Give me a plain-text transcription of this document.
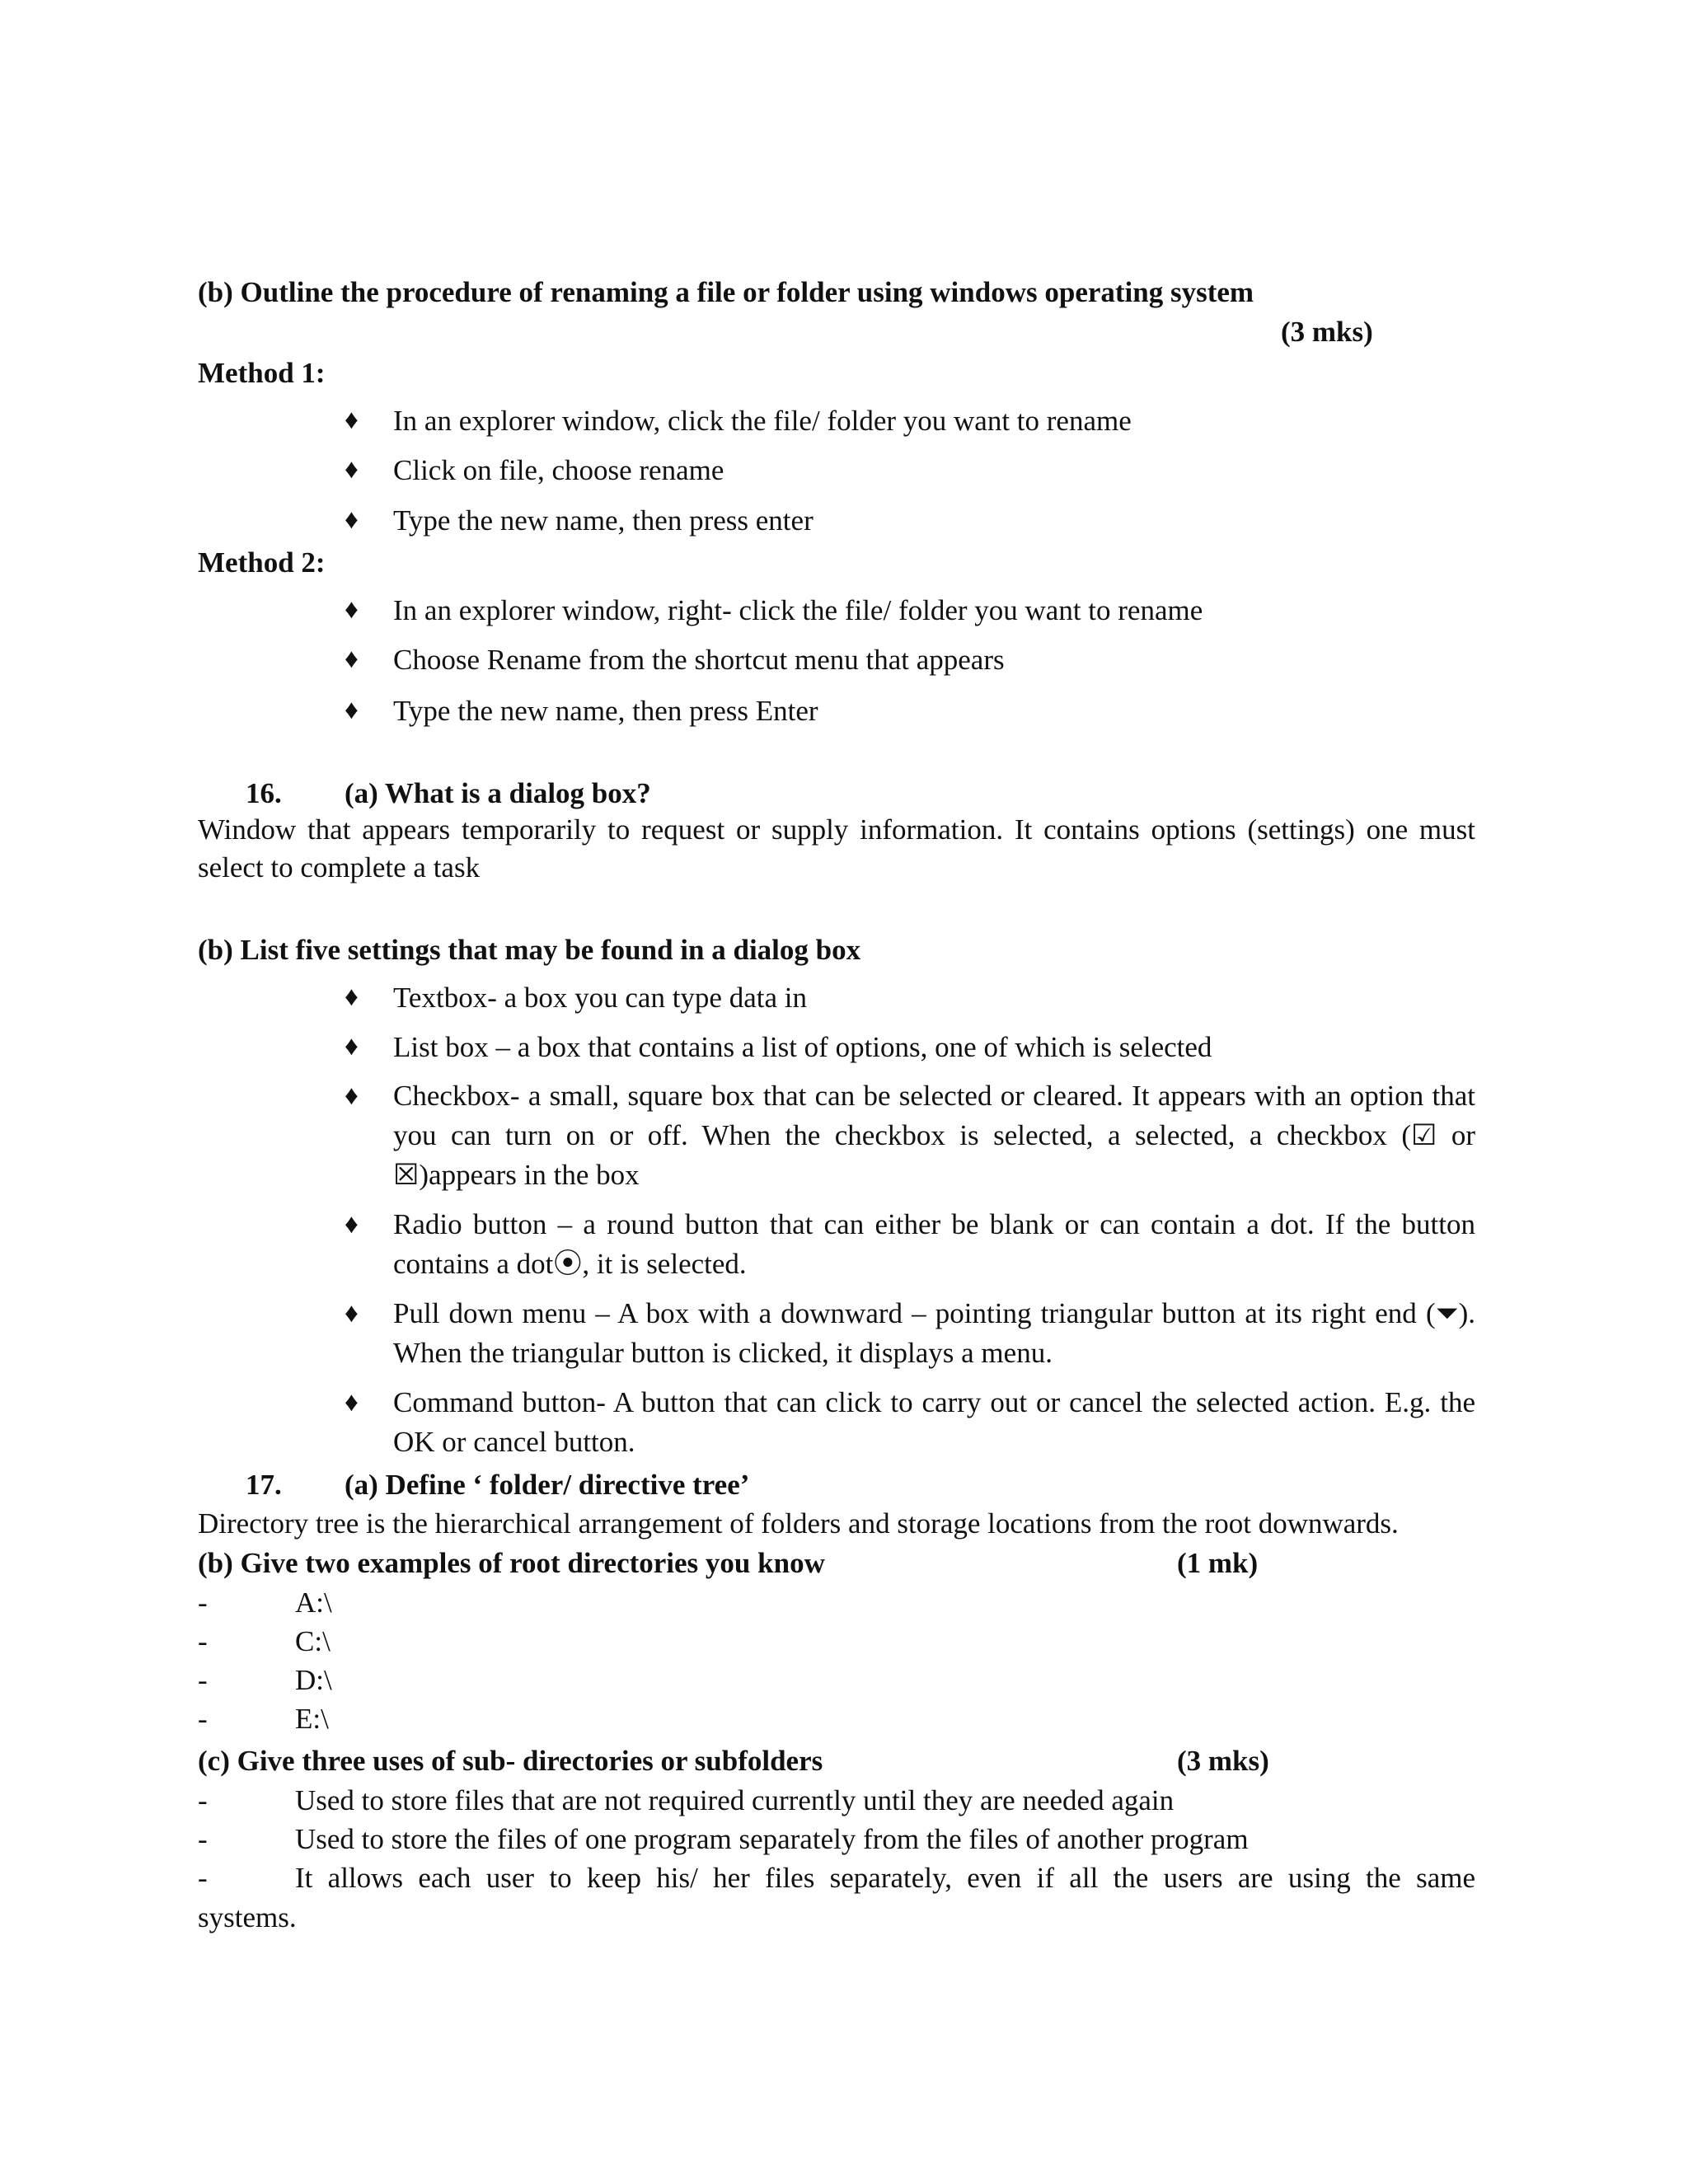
(b) Outline the procedure of renaming a file or folder using windows operating system
(3 mks)
Method 1:
♦ In an explorer window, click the file/ folder you want to rename
♦ Click on file, choose rename
♦ Type the new name, then press enter
Method 2:
♦ In an explorer window, right- click the file/ folder you want to rename
♦ Choose Rename from the shortcut menu that appears
♦ Type the new name, then press Enter
16. (a) What is a dialog box?
Window that appears temporarily to request or supply information. It contains options (settings) one must select to complete a task
(b) List five settings that may be found in a dialog box
♦ Textbox- a box you can type data in
♦ List box – a box that contains a list of options, one of which is selected
♦ Checkbox- a small, square box that can be selected or cleared. It appears with an option that you can turn on or off. When the checkbox is selected, a selected, a checkbox (☑ or ☒)appears in the box
♦ Radio button – a round button that can either be blank or can contain a dot. If the button contains a dot⦿, it is selected.
♦ Pull down menu – A box with a downward – pointing triangular button at its right end (⏷). When the triangular button is clicked, it displays a menu.
♦ Command button- A button that can click to carry out or cancel the selected action. E.g. the OK or cancel button.
17. (a) Define ‘ folder/ directive tree’
Directory tree is the hierarchical arrangement of folders and storage locations from the root downwards.
(b) Give two examples of root directories you know	(1 mk)
-	A:\
-	C:\
-	D:\
-	E:\
(c) Give three uses of sub- directories or subfolders	(3 mks)
-	Used to store files that are not required currently until they are needed again
-	Used to store the files of one program separately from the files of another program
-	It allows each user to keep his/ her files separately, even if all the users are using the same
systems.
